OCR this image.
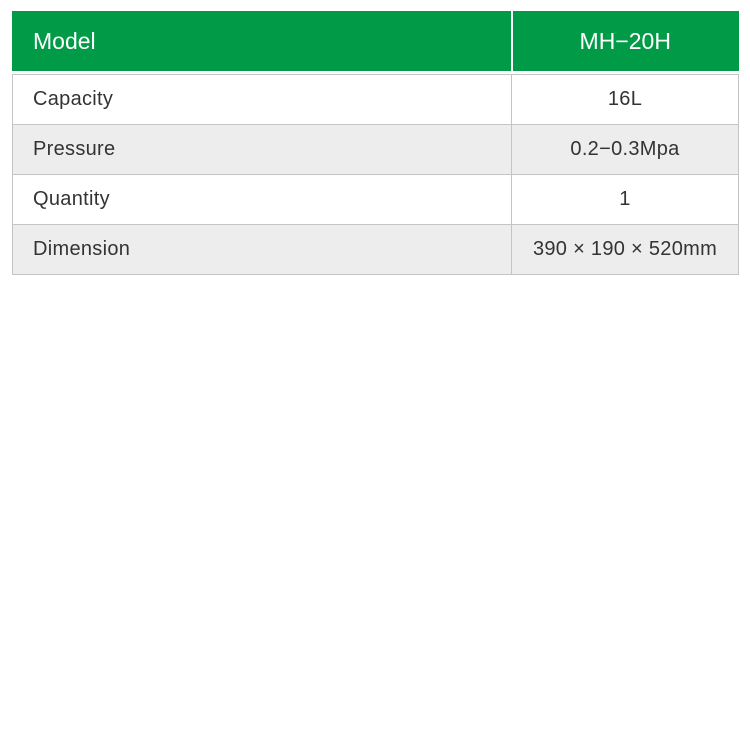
Model	MH−20H

Capacity	16L
Pressure	0.2−0.3Mpa
Quantity	1
Dimension	390 × 190 × 520mm
